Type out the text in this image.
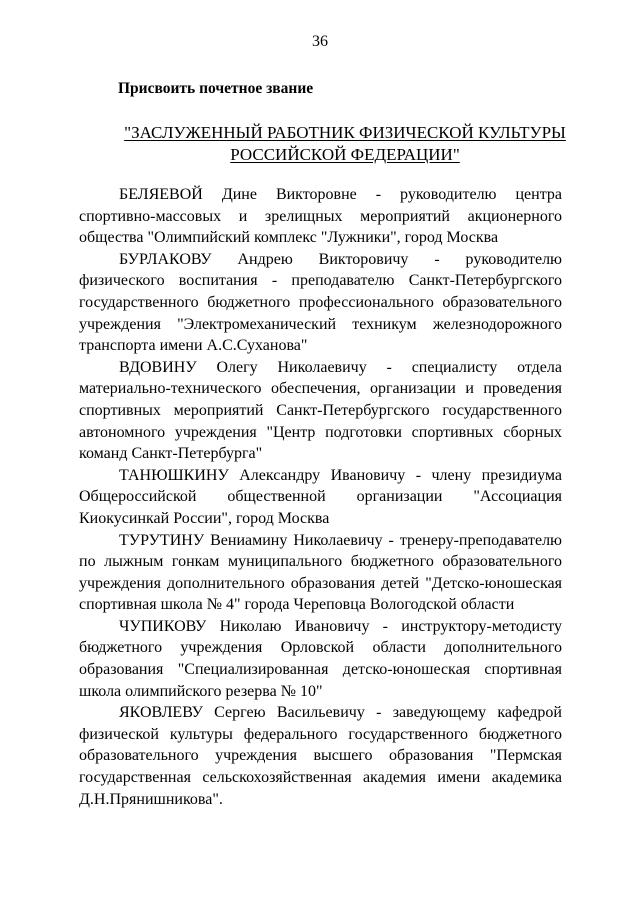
36
Присвоить почетное звание
"ЗАСЛУЖЕННЫЙ РАБОТНИК ФИЗИЧЕСКОЙ КУЛЬТУРЫ
РОССИЙСКОЙ ФЕДЕРАЦИИ"

БЕЛЯЕВОЙ Дине Викторовне - руководителю центра
спортивно-массовых и зрелищных мероприятий акционерного
общества "Олимпийский комплекс "Лужники", город Москва

БУРЛАКОВУ Андрею Викторовичу - руководителю
физического воспитания - преподавателю Санкт-Петербургского
государственного бюджетного профессионального образовательного
учреждения "Электромеханический техникум железнодорожного
транспорта имени А.С.Суханова"

ВДОВИНУ Олегу Николаевичу - специалисту отдела
материально-технического обеспечения, организации и проведения
спортивных мероприятий Санкт-Петербургского государственного
автономного учреждения "Центр подготовки спортивных сборных
команд Санкт-Петербурга"

ТАНЮШКИНУ Александру Ивановичу - члену президиума
Общероссийской общественной организации "Ассоциация
Киокусинкай России", город Москва

ТУРУТИНУ Вениамину Николаевичу - тренеру-преподавателю
по лыжным гонкам муниципального бюджетного образовательного
учреждения дополнительного образования детей "Детско-юношеская
спортивная школа № 4" города Череповца Вологодской области

ЧУПИКОВУ Николаю Ивановичу - инструктору-методисту
бюджетного учреждения Орловской области дополнительного
образования "Специализированная детско-юношеская спортивная
школа олимпийского резерва № 10"

ЯКОВЛЕВУ Сергею Васильевичу - заведующему кафедрой
физической культуры федерального государственного бюджетного
образовательного учреждения высшего образования "Пермская
государственная сельскохозяйственная академия имени академика
Д.Н.Прянишникова".
